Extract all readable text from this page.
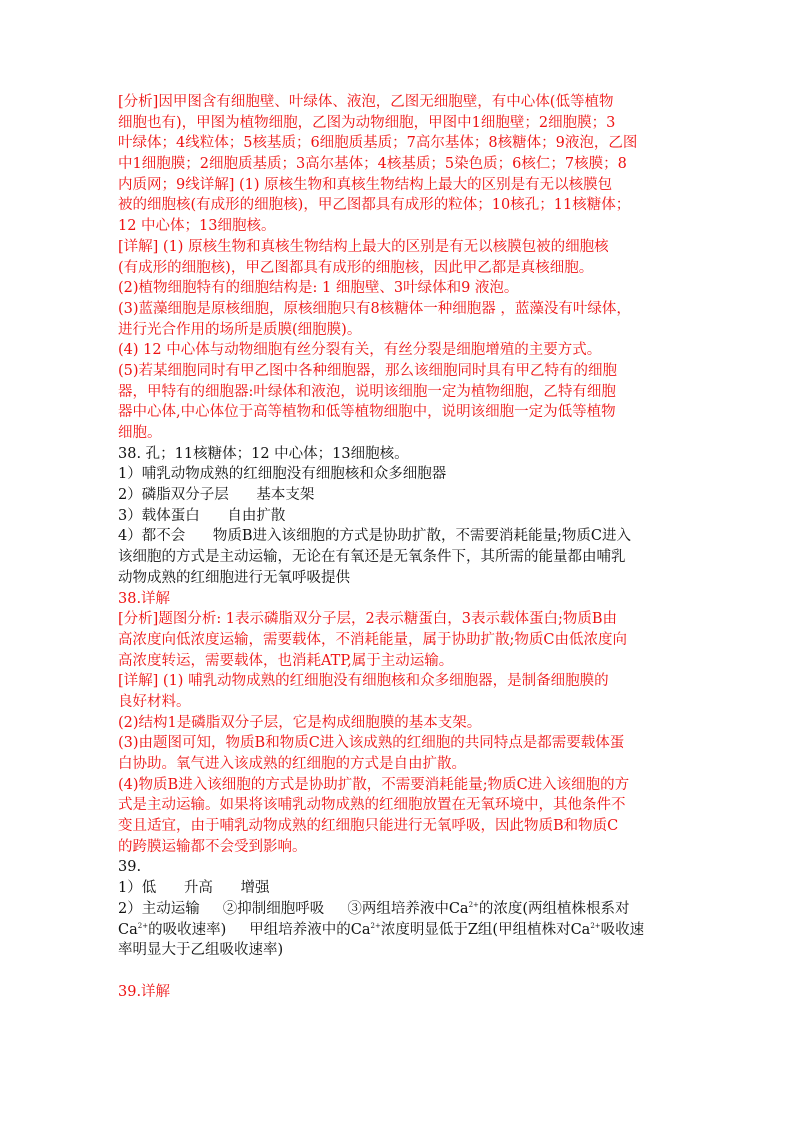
[分析]因甲图含有细胞壁、叶绿体、液泡，乙图无细胞壁，有中心体(低等植物
细胞也有)，甲图为植物细胞，乙图为动物细胞，甲图中1细胞壁；2细胞膜；3
叶绿体；4线粒体；5核基质；6细胞质基质；7高尔基体；8核糖体；9液泡，乙图
中1细胞膜；2细胞质基质；3高尔基体；4核基质；5染色质；6核仁；7核膜；8
内质网；9线详解] (1) 原核生物和真核生物结构上最大的区别是有无以核膜包
被的细胞核(有成形的细胞核)，甲乙图都具有成形的粒体；10核孔；11核糖体；
12 中心体；13细胞核。
[详解] (1) 原核生物和真核生物结构上最大的区别是有无以核膜包被的细胞核
(有成形的细胞核)，甲乙图都具有成形的细胞核，因此甲乙都是真核细胞。
(2)植物细胞特有的细胞结构是: 1 细胞壁、3叶绿体和9 液泡。
(3)蓝藻细胞是原核细胞，原核细胞只有8核糖体一种细胞器 ，蓝藻没有叶绿体，
进行光合作用的场所是质膜(细胞膜)。
(4) 12 中心体与动物细胞有丝分裂有关，有丝分裂是细胞增殖的主要方式。
(5)若某细胞同时有甲乙图中各种细胞器，那么该细胞同时具有甲乙特有的细胞
器，甲特有的细胞器:叶绿体和液泡，说明该细胞一定为植物细胞，乙特有细胞
器中心体,中心体位于高等植物和低等植物细胞中，说明该细胞一定为低等植物
细胞。
38. 孔；11核糖体；12 中心体；13细胞核。
1）哺乳动物成熟的红细胞没有细胞核和众多细胞器
2）磷脂双分子层      基本支架
3）载体蛋白      自由扩散
4）都不会      物质B进入该细胞的方式是协助扩散，不需要消耗能量;物质C进入
该细胞的方式是主动运输，无论在有氧还是无氧条件下，其所需的能量都由哺乳
动物成熟的红细胞进行无氧呼吸提供
38.详解
[分析]题图分析: 1表示磷脂双分子层，2表示糖蛋白，3表示载体蛋白;物质B由
高浓度向低浓度运输，需要载体，不消耗能量，属于协助扩散;物质C由低浓度向
高浓度转运，需要载体，也消耗ATP,属于主动运输。
[详解] (1) 哺乳动物成熟的红细胞没有细胞核和众多细胞器，是制备细胞膜的
良好材料。
(2)结构1是磷脂双分子层，它是构成细胞膜的基本支架。
(3)由题图可知，物质B和物质C进入该成熟的红细胞的共同特点是都需要载体蛋
白协助。氧气进入该成熟的红细胞的方式是自由扩散。
(4)物质B进入该细胞的方式是协助扩散，不需要消耗能量;物质C进入该细胞的方
式是主动运输。如果将该哺乳动物成熟的红细胞放置在无氧环境中，其他条件不
变且适宜，由于哺乳动物成熟的红细胞只能进行无氧呼吸，因此物质B和物质C
的跨膜运输都不会受到影响。
39.
1）低      升高      增强
2）主动运输     ②抑制细胞呼吸     ③两组培养液中$Ca^{2+}$的浓度(两组植株根系对
$Ca^{2+}$的吸收速率)     甲组培养液中的$Ca^{2+}$浓度明显低于Z组(甲组植株对$Ca^{2+}$吸收速
率明显大于乙组吸收速率)
39.详解
